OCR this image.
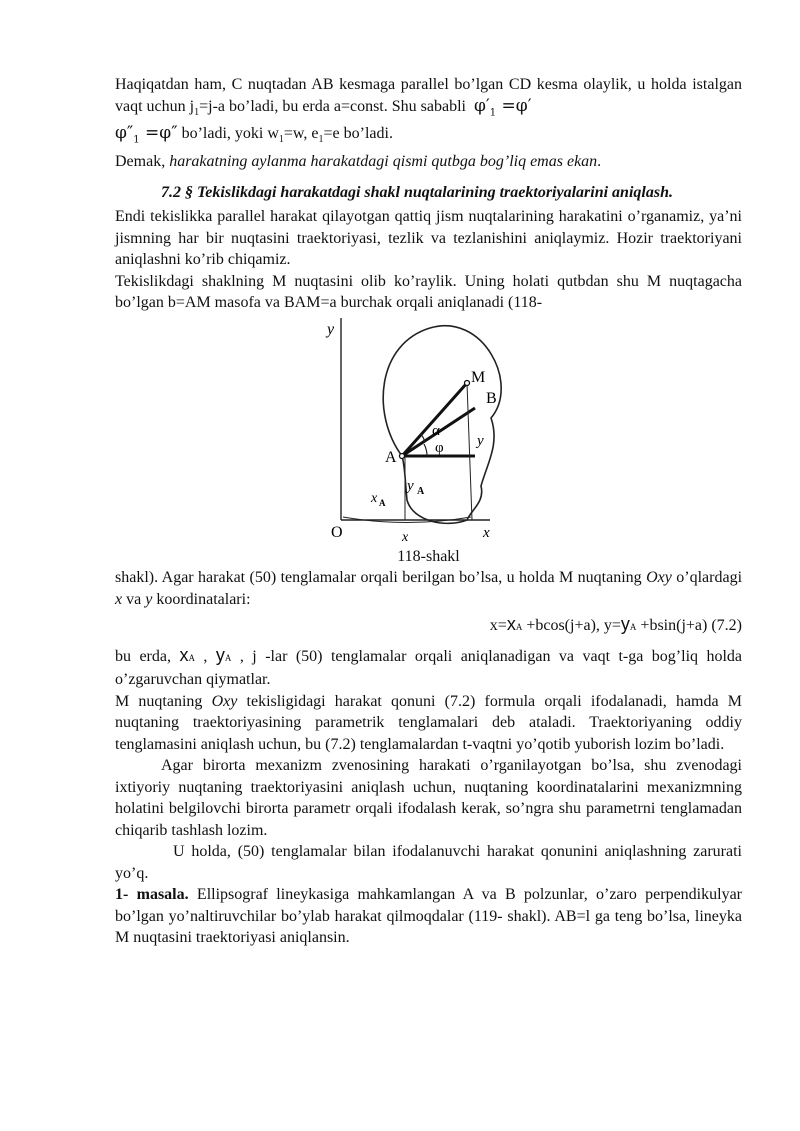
Haqiqatdan ham, C nuqtadan AB kesmaga parallel bo’lgan CD kesma olaylik, u holda istalgan vaqt uchun $j_1=j-a$ bo’ladi, bu erda a=const. Shu sababli $\varphi'_1 =\varphi'$
$\varphi''_1 =\varphi''$ bo’ladi, yoki $w_1=w$, $e_1=e$ bo’ladi.

Demak, harakatning aylanma harakatdagi qismi qutbga bog’liq emas ekan.

7.2 § Tekislikdagi harakatdagi shakl nuqtalarining traektoriyalarini aniqlash.

Endi tekislikka parallel harakat qilayotgan qattiq jism nuqtalarining harakatini o’rganamiz, ya’ni jismning har bir nuqtasini traektoriyasi, tezlik va tezlanishini aniqlaymiz. Hozir traektoriyani aniqlashni ko’rib chiqamiz.

Tekislikdagi shaklning M nuqtasini olib ko’raylik. Uning holati qutbdan shu M nuqtagacha bo’lgan b=AM masofa va BAM=a burchak orqali aniqlanadi (118-

y
M
B
α
φ y
A
y A
x A
O	x	x

118-shakl

shakl). Agar harakat (50) tenglamalar orqali berilgan bo’lsa, u holda M nuqtaning Oxy o’qlardagi x va y koordinatalari:

x=xA +bcos(j+a), y=yA +bsin(j+a) (7.2)

bu erda, xA , yA , j -lar (50) tenglamalar orqali aniqlanadigan va vaqt t-ga bog’liq holda o’zgaruvchan qiymatlar.

M nuqtaning Oxy tekisligidagi harakat qonuni (7.2) formula orqali ifodalanadi, hamda M nuqtaning traektoriyasining parametrik tenglamalari deb ataladi. Traektoriyaning oddiy tenglamasini aniqlash uchun, bu (7.2) tenglamalardan t-vaqtni yo’qotib yuborish lozim bo’ladi.

Agar birorta mexanizm zvenosining harakati o’rganilayotgan bo’lsa, shu zvenodagi ixtiyoriy nuqtaning traektoriyasini aniqlash uchun, nuqtaning koordinatalarini mexanizmning holatini belgilovchi birorta parametr orqali ifodalash kerak, so’ngra shu parametrni tenglamadan chiqarib tashlash lozim.

U holda, (50) tenglamalar bilan ifodalanuvchi harakat qonunini aniqlashning zarurati yo’q.

1- masala. Ellipsograf lineykasiga mahkamlangan A va B polzunlar, o’zaro perpendikulyar bo’lgan yo’naltiruvchilar bo’ylab harakat qilmoqdalar (119- shakl). AB=l ga teng bo’lsa, lineyka M nuqtasini traektoriyasi aniqlansin.
